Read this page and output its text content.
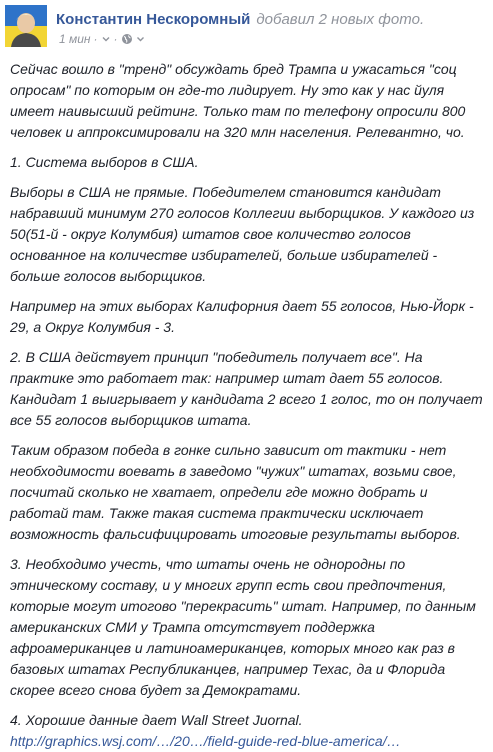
Константин Нескоромный добавил 2 новых фото.
1 мин · ·

Сейчас вошло в "тренд" обсуждать бред Трампа и ужасаться "соц опросам" по которым он где-то лидирует. Ну это как у нас йуля имеет наивысший рейтинг. Только там по телефону опросили 800 человек и аппроксимировали на 320 млн населения. Релевантно, чо.

1. Система выборов в США.

Выборы в США не прямые. Победителем становится кандидат набравший минимум 270 голосов Коллегии выборщиков. У каждого из 50(51-й - округ Колумбия) штатов свое количество голосов основанное на количестве избирателей, больше избирателей - больше голосов выборщиков.

Например на этих выборах Калифорния дает 55 голосов, Нью-Йорк - 29, а Округ Колумбия - 3.

2. В США действует принцип "победитель получает все". На практике это работает так: например штат дает 55 голосов. Кандидат 1 выигрывает у кандидата 2 всего 1 голос, то он получает все 55 голосов выборщиков штата.

Таким образом победа в гонке сильно зависит от тактики - нет необходимости воевать в заведомо "чужих" штатах, возьми свое, посчитай сколько не хватает, определи где можно добрать и работай там. Также такая система практически исключает возможность фальсифицировать итоговые результаты выборов.

3. Необходимо учесть, что штаты очень не однородны по этническому составу, и у многих групп есть свои предпочтения, которые могут итогово "перекрасить" штат. Например, по данным американских СМИ у Трампа отсутствует поддержка афроамериканцев и латиноамериканцев, которых много как раз в базовых штатах Республиканцев, например Техас, да и Флорида скорее всего снова будет за Демократами.

4. Хорошие данные дает Wall Street Juornal.
http://graphics.wsj.com/…/20…/field-guide-red-blue-america/…
